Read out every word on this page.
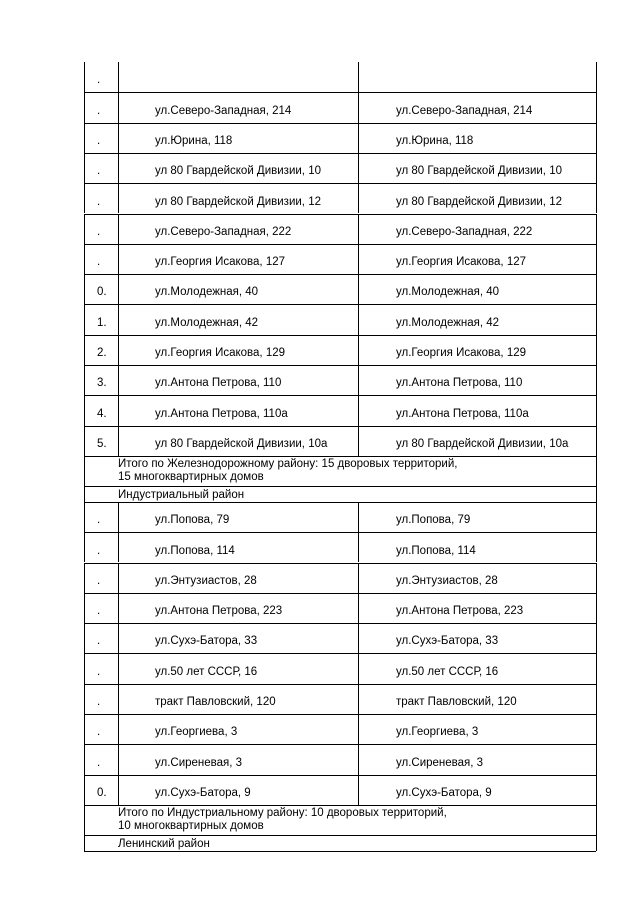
.
.	ул.Северо-Западная, 214	ул.Северо-Западная, 214
.	ул.Юрина, 118	ул.Юрина, 118
.	ул 80 Гвардейской Дивизии, 10	ул 80 Гвардейской Дивизии, 10
.	ул 80 Гвардейской Дивизии, 12	ул 80 Гвардейской Дивизии, 12
.	ул.Северо-Западная, 222	ул.Северо-Западная, 222
.	ул.Георгия Исакова, 127	ул.Георгия Исакова, 127
0.	ул.Молодежная, 40	ул.Молодежная, 40
1.	ул.Молодежная, 42	ул.Молодежная, 42
2.	ул.Георгия Исакова, 129	ул.Георгия Исакова, 129
3.	ул.Антона Петрова, 110	ул.Антона Петрова, 110
4.	ул.Антона Петрова, 110а	ул.Антона Петрова, 110а
5.	ул 80 Гвардейской Дивизии, 10а	ул 80 Гвардейской Дивизии, 10а
Итого по Железнодорожному району: 15 дворовых территорий,
15 многоквартирных домов
Индустриальный район
.	ул.Попова, 79	ул.Попова, 79
.	ул.Попова, 114	ул.Попова, 114
.	ул.Энтузиастов, 28	ул.Энтузиастов, 28
.	ул.Антона Петрова, 223	ул.Антона Петрова, 223
.	ул.Сухэ-Батора, 33	ул.Сухэ-Батора, 33
.	ул.50 лет СССР, 16	ул.50 лет СССР, 16
.	тракт Павловский, 120	тракт Павловский, 120
.	ул.Георгиева, 3	ул.Георгиева, 3
.	ул.Сиреневая, 3	ул.Сиреневая, 3
0.	ул.Сухэ-Батора, 9	ул.Сухэ-Батора, 9
Итого по Индустриальному району: 10 дворовых территорий,
10 многоквартирных домов
Ленинский район
